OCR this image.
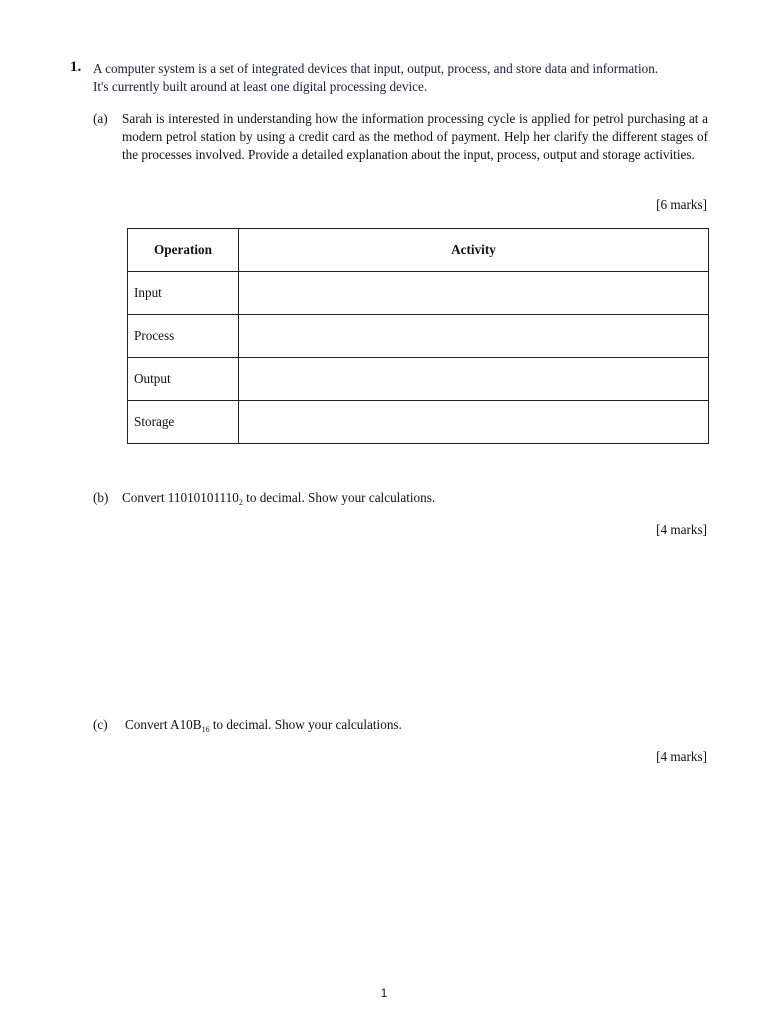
1. A computer system is a set of integrated devices that input, output, process, and store data and information.
It's currently built around at least one digital processing device.
(a) Sarah is interested in understanding how the information processing cycle is applied for petrol purchasing at a modern petrol station by using a credit card as the method of payment. Help her clarify the different stages of the processes involved. Provide a detailed explanation about the input, process, output and storage activities.
[6 marks]
Operation	Activity
Input	
Process	
Output	
Storage	
(b) Convert $11010101110_2$ to decimal. Show your calculations.
[4 marks]
(c) Convert $A10B_{16}$ to decimal. Show your calculations.
[4 marks]
1
